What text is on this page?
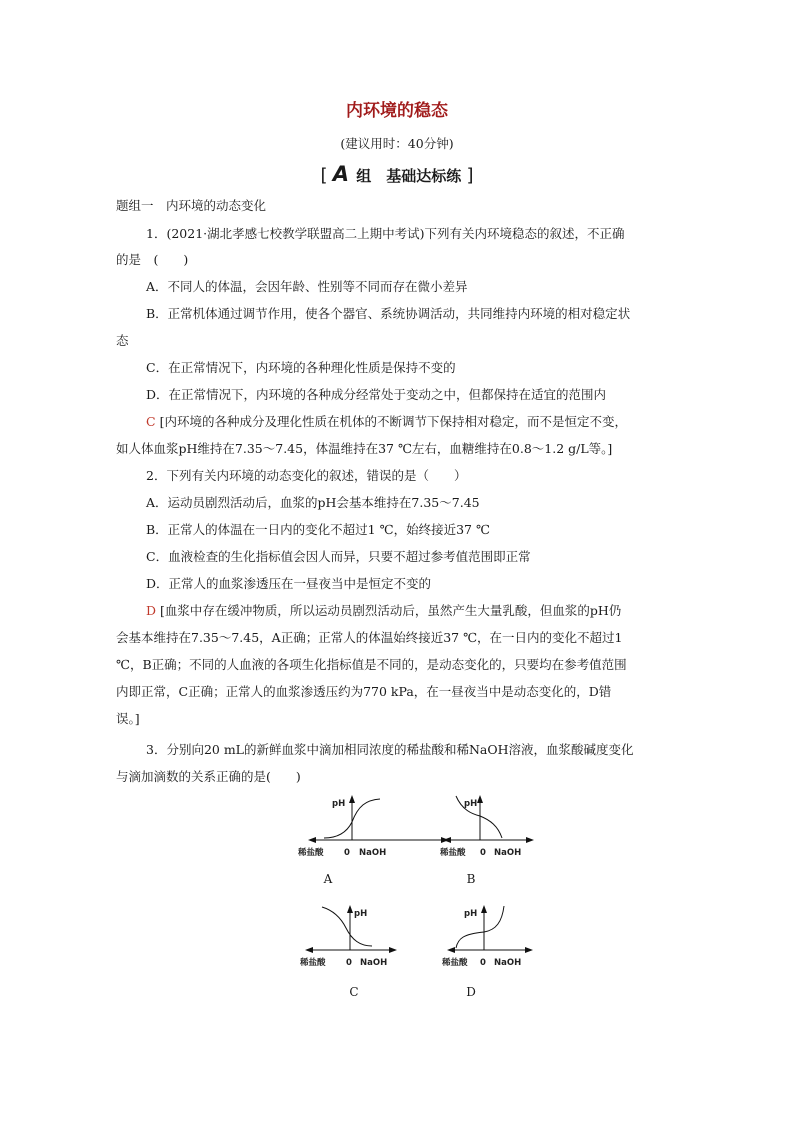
内环境的稳态
(建议用时：40分钟)
[ A 组　基础达标练 ]
题组一　内环境的动态变化
1．(2021·湖北孝感七校教学联盟高二上期中考试)下列有关内环境稳态的叙述，不正确
的是　(　　)
A．不同人的体温，会因年龄、性别等不同而存在微小差异
B．正常机体通过调节作用，使各个器官、系统协调活动，共同维持内环境的相对稳定状
态
C．在正常情况下，内环境的各种理化性质是保持不变的
D．在正常情况下，内环境的各种成分经常处于变动之中，但都保持在适宜的范围内
C [内环境的各种成分及理化性质在机体的不断调节下保持相对稳定，而不是恒定不变，
如人体血浆pH维持在7.35～7.45，体温维持在37 ℃左右，血糖维持在0.8～1.2 g/L等。]
2．下列有关内环境的动态变化的叙述，错误的是（　　）
A．运动员剧烈活动后，血浆的pH会基本维持在7.35～7.45
B．正常人的体温在一日内的变化不超过1 ℃，始终接近37 ℃
C．血液检查的生化指标值会因人而异，只要不超过参考值范围即正常
D．正常人的血浆渗透压在一昼夜当中是恒定不变的
D [血浆中存在缓冲物质，所以运动员剧烈活动后，虽然产生大量乳酸，但血浆的pH仍
会基本维持在7.35～7.45，A正确；正常人的体温始终接近37 ℃，在一日内的变化不超过1
℃，B正确；不同的人血液的各项生化指标值是不同的，是动态变化的，只要均在参考值范围
内即正常，C正确；正常人的血浆渗透压约为770 kPa，在一昼夜当中是动态变化的，D错
误。]
3．分别向20 mL的新鲜血浆中滴加相同浓度的稀盐酸和稀NaOH溶液，血浆酸碱度变化
与滴加滴数的关系正确的是(　　)
pH
稀盐酸 0 NaOH
A
pH
稀盐酸 0 NaOH
B
pH
稀盐酸 0 NaOH
C
pH
稀盐酸 0 NaOH
D
